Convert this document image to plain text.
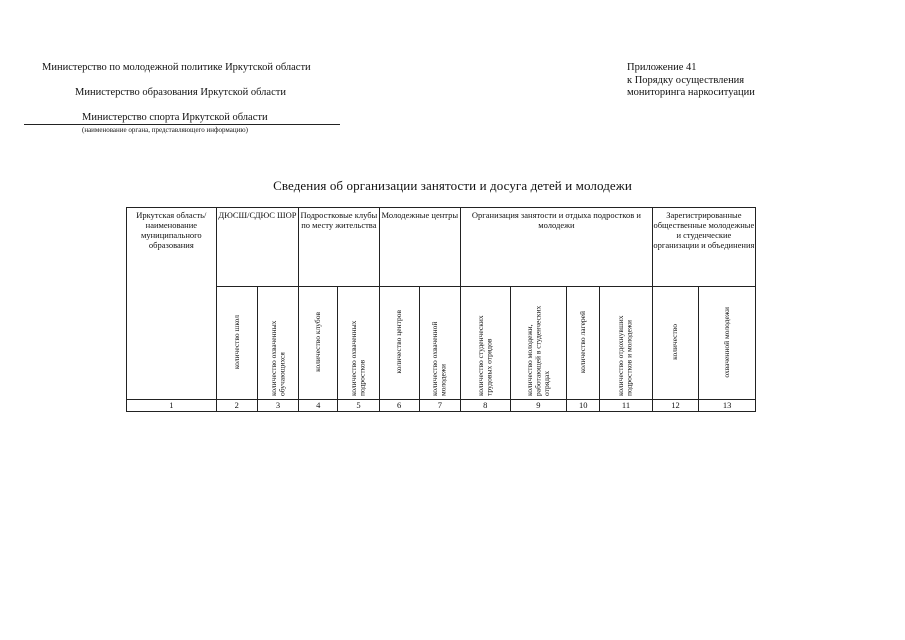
Министерство по молодежной политике Иркутской области
Министерство образования Иркутской области
Министерство спорта Иркутской области
(наименование органа, представляющего информацию)
Приложение 41
к Порядку осуществления
мониторинга наркоситуации
Сведения об организации занятости и досуга детей и молодежи
Иркутская область/ наименование муниципального образования	ДЮСШ/СДЮС ШОР		Подростковые клубы по месту жительства		Молодежные центры		Организация занятости и отдыха подростков и молодежи				Зарегистрированные общественные молодежные и студенческие организации и объединения	
	количество школ	количество охваченных обучающихся	количество клубов	количество охваченных подростков	количество центров	количество охваченной молодежи	количество студенческих трудовых отрядов	количество молодежи, работающей в студенческих отрядах	количество лагерей	количество отдохнувших подростков и молодежи	количество	охваченной молодежи
1	2	3	4	5	6	7	8	9	10	11	12	13
